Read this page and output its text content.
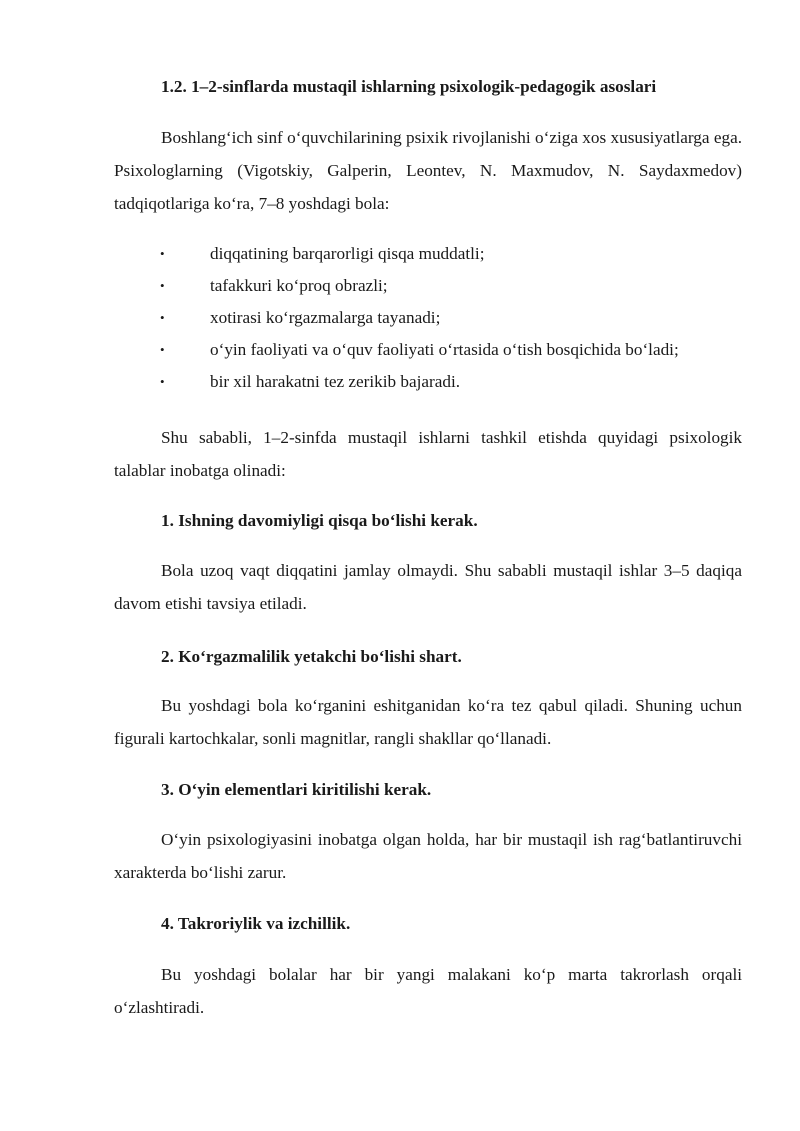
1.2. 1–2-sinflarda mustaqil ishlarning psixologik-pedagogik asoslari
Boshlang‘ich sinf o‘quvchilarining psixik rivojlanishi o‘ziga xos xususiyatlarga ega. Psixologlarning (Vigotskiy, Galperin, Leontev, N. Maxmudov, N. Saydaxmedov) tadqiqotlariga ko‘ra, 7–8 yoshdagi bola:
•	diqqatining barqarorligi qisqa muddatli;
•	tafakkuri ko‘proq obrazli;
•	xotirasi ko‘rgazmalarga tayanadi;
•	o‘yin faoliyati va o‘quv faoliyati o‘rtasida o‘tish bosqichida bo‘ladi;
•	bir xil harakatni tez zerikib bajaradi.
Shu sababli, 1–2-sinfda mustaqil ishlarni tashkil etishda quyidagi psixologik talablar inobatga olinadi:
1. Ishning davomiyligi qisqa bo‘lishi kerak.
Bola uzoq vaqt diqqatini jamlay olmaydi. Shu sababli mustaqil ishlar 3–5 daqiqa davom etishi tavsiya etiladi.
2. Ko‘rgazmalilik yetakchi bo‘lishi shart.
Bu yoshdagi bola ko‘rganini eshitganidan ko‘ra tez qabul qiladi. Shuning uchun figurali kartochkalar, sonli magnitlar, rangli shakllar qo‘llanadi.
3. O‘yin elementlari kiritilishi kerak.
O‘yin psixologiyasini inobatga olgan holda, har bir mustaqil ish rag‘batlantiruvchi xarakterda bo‘lishi zarur.
4. Takroriylik va izchillik.
Bu yoshdagi bolalar har bir yangi malakani ko‘p marta takrorlash orqali o‘zlashtiradi.
